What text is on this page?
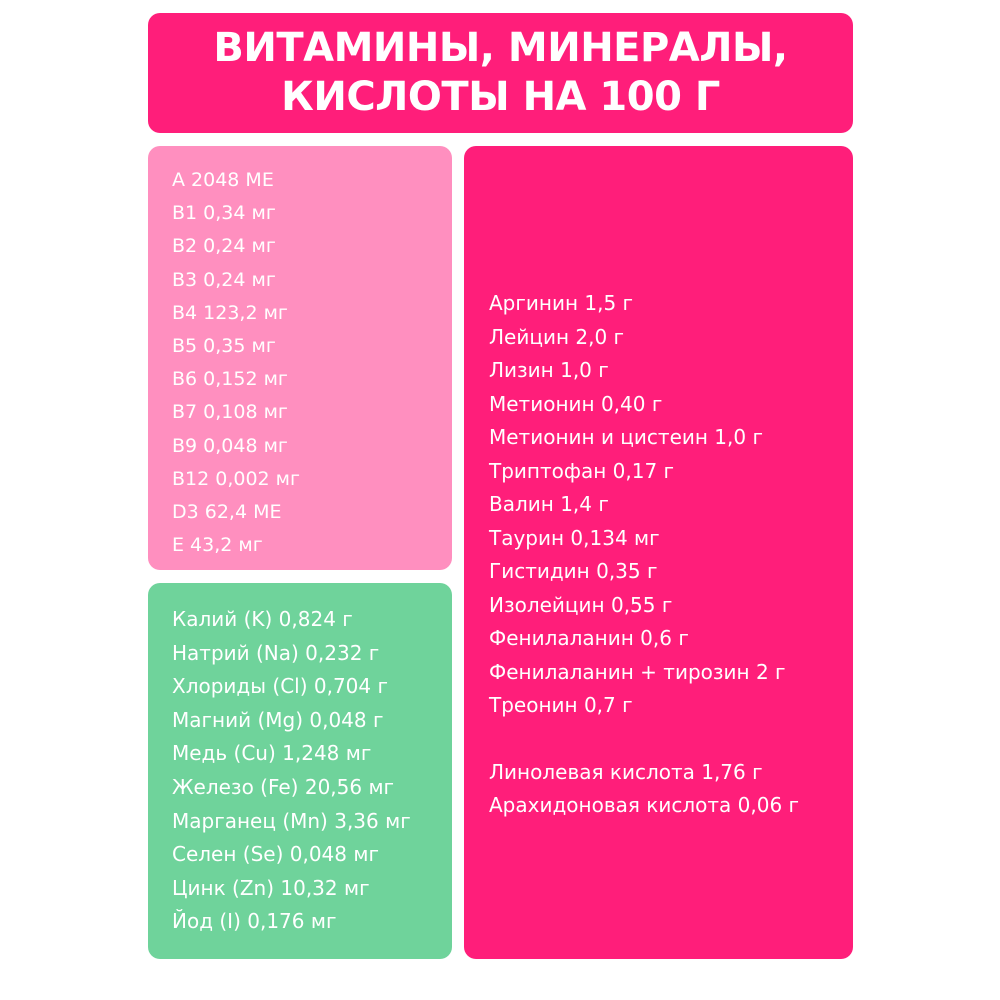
ВИТАМИНЫ, МИНЕРАЛЫ,
КИСЛОТЫ НА 100 Г
A 2048 ME
B1 0,34 мг
B2 0,24 мг
B3 0,24 мг
B4 123,2 мг
B5 0,35 мг
B6 0,152 мг
B7 0,108 мг
B9 0,048 мг
B12 0,002 мг
D3 62,4 ME
E 43,2 мг
Калий (K) 0,824 г
Натрий (Na) 0,232 г
Хлориды (Cl) 0,704 г
Магний (Mg) 0,048 г
Медь (Cu) 1,248 мг
Железо (Fe) 20,56 мг
Марганец (Mn) 3,36 мг
Селен (Se) 0,048 мг
Цинк (Zn) 10,32 мг
Йод (I) 0,176 мг
Аргинин 1,5 г
Лейцин 2,0 г
Лизин 1,0 г
Метионин 0,40 г
Метионин и цистеин 1,0 г
Триптофан 0,17 г
Валин 1,4 г
Таурин 0,134 мг
Гистидин 0,35 г
Изолейцин 0,55 г
Фенилаланин 0,6 г
Фенилаланин + тирозин 2 г
Треонин 0,7 г
Линолевая кислота 1,76 г
Арахидоновая кислота 0,06 г
